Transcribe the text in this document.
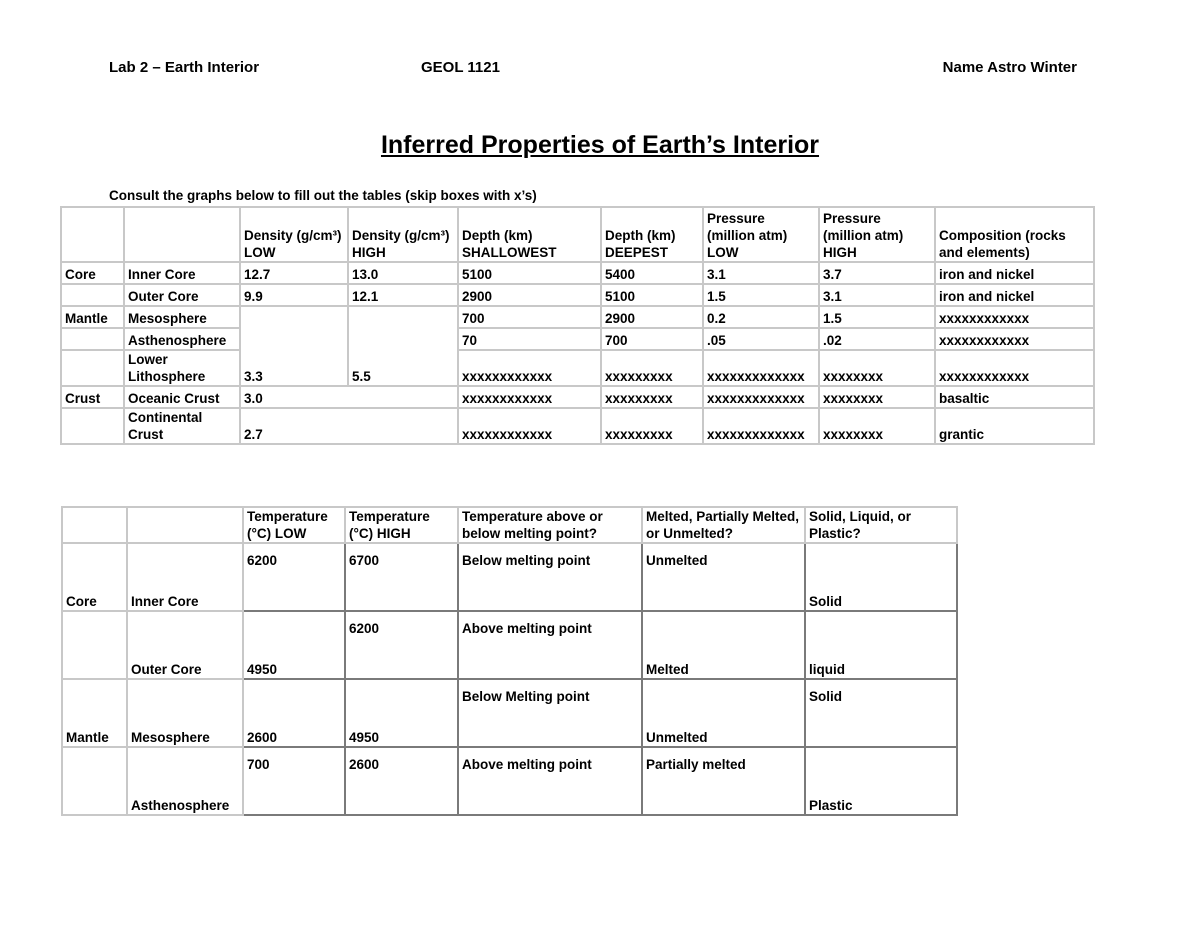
Lab 2 – Earth Interior	GEOL 1121	Name Astro Winter
Inferred Properties of Earth’s Interior
Consult the graphs below to fill out the tables (skip boxes with x’s)
		Density (g/cm³) LOW	Density (g/cm³) HIGH	Depth (km) SHALLOWEST	Depth (km) DEEPEST	Pressure (million atm) LOW	Pressure (million atm) HIGH	Composition (rocks and elements)
Core	Inner Core	12.7	13.0	5100	5400	3.1	3.7	iron and nickel
	Outer Core	9.9	12.1	2900	5100	1.5	3.1	iron and nickel
Mantle	Mesosphere			700	2900	0.2	1.5	xxxxxxxxxxxx
	Asthenosphere			70	700	.05	.02	xxxxxxxxxxxx
	Lower Lithosphere	3.3	5.5	xxxxxxxxxxxx	xxxxxxxxx	xxxxxxxxxxxxx	xxxxxxxx	xxxxxxxxxxxx
Crust	Oceanic Crust	3.0		xxxxxxxxxxxx	xxxxxxxxx	xxxxxxxxxxxxx	xxxxxxxx	basaltic
	Continental Crust	2.7		xxxxxxxxxxxx	xxxxxxxxx	xxxxxxxxxxxxx	xxxxxxxx	grantic
		Temperature (°C) LOW	Temperature (°C) HIGH	Temperature above or below melting point?	Melted, Partially Melted, or Unmelted?	Solid, Liquid, or Plastic?
Core	Inner Core	6200	6700	Below melting point	Unmelted	Solid
	Outer Core	4950	6200	Above melting point	Melted	liquid
Mantle	Mesosphere	2600	4950	Below Melting point	Unmelted	Solid
	Asthenosphere	700	2600	Above melting point	Partially melted	Plastic
